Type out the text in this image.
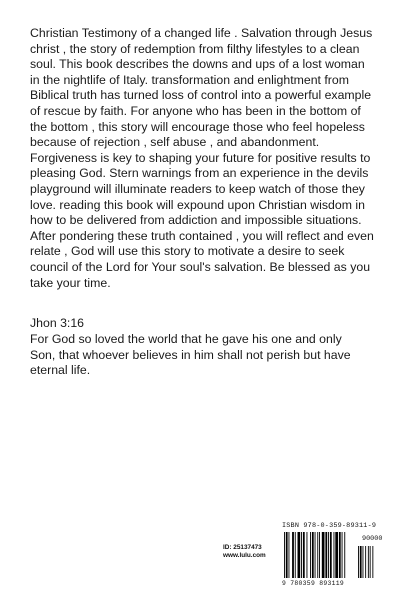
Christian Testimony of a changed life . Salvation through Jesus christ , the story of redemption from filthy lifestyles to a clean soul. This book describes the downs and ups of a lost woman in the nightlife of Italy. transformation and enlightment from Biblical truth has turned loss of control into a powerful example of rescue by faith. For anyone who has been in the bottom of the bottom , this story will encourage those who feel hopeless because of rejection , self abuse , and abandonment. Forgiveness is key to shaping your future for positive results to pleasing God. Stern warnings from an experience in the devils playground will illuminate readers to keep watch of those they love. reading this book will expound upon Christian wisdom in how to be delivered from addiction and impossible situations. After pondering these truth contained , you will reflect and even relate , God will use this story to motivate a desire to seek council of the Lord for Your soul's salvation. Be blessed as you take your time.

Jhon 3:16

For God so loved the world that he gave his one and only Son, that whoever believes in him shall not perish but have eternal life.

ID: 25137473
www.lulu.com
ISBN 978-0-359-89311-9
90000
9 780359 893119
